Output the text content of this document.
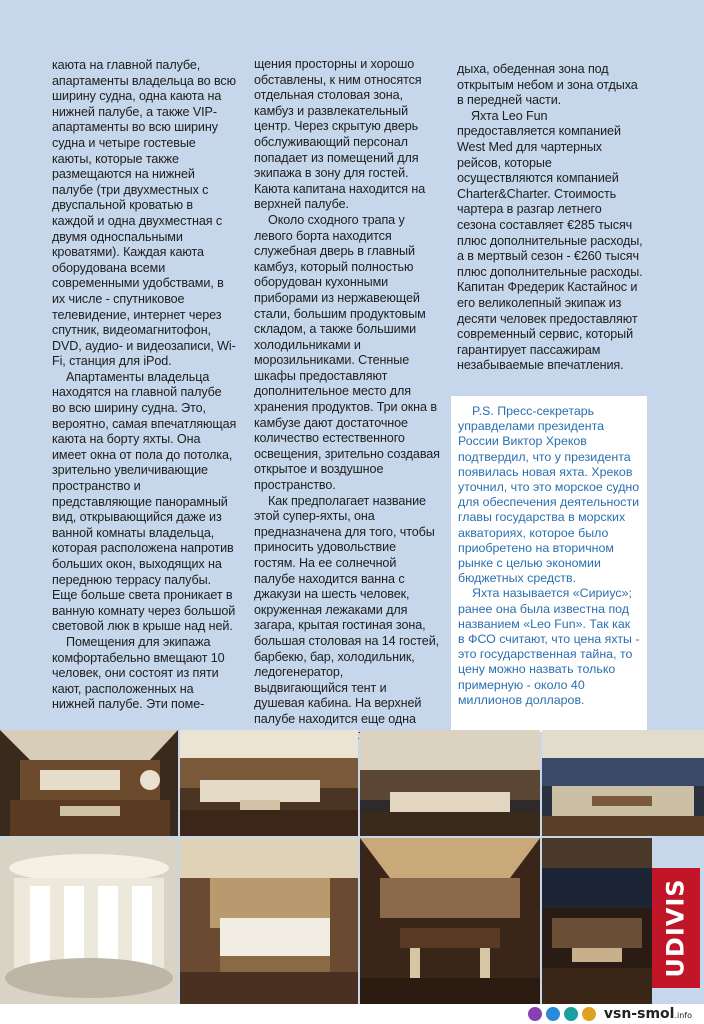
каюта на главной палубе, апартаменты владельца во всю ширину судна, одна каюта на нижней палубе, а также VIP-апартаменты во всю ширину судна и четыре гостевые каюты, которые также размещаются на нижней палубе (три двухместных с двуспальной кроватью в каждой и одна двухместная с двумя односпальными кроватями). Каждая каюта оборудована всеми современными удобствами, в их числе - спутниковое телевидение, интернет через спутник, видеомагнитофон, DVD, аудио- и видеозаписи, Wi-Fi, станция для iPod.

Апартаменты владельца находятся на главной палубе во всю ширину судна. Это, вероятно, самая впечатляющая каюта на борту яхты. Она имеет окна от пола до потолка, зрительно увеличивающие пространство и представляющие панорамный вид, открывающийся даже из ванной комнаты владельца, которая расположена напротив больших окон, выходящих на переднюю террасу палубы. Еще больше света проникает в ванную комнату через большой световой люк в крыше над ней.

Помещения для экипажа комфортабельно вмещают 10 человек, они состоят из пяти кают, расположенных на нижней палубе. Эти поме-

щения просторны и хорошо обставлены, к ним относятся отдельная столовая зона, камбуз и развлекательный центр. Через скрытую дверь обслуживающий персонал попадает из помещений для экипажа в зону для гостей. Каюта капитана находится на верхней палубе.

Около сходного трапа у левого борта находится служебная дверь в главный камбуз, который полностью оборудован кухонными приборами из нержавеющей стали, большим продуктовым складом, а также большими холодильниками и морозильниками. Стенные шкафы предоставляют дополнительное место для хранения продуктов. Три окна в камбузе дают достаточное количество естественного освещения, зрительно создавая открытое и воздушное пространство.

Как предполагает название этой супер-яхты, она предназначена для того, чтобы приносить удовольствие гостям. На ее солнечной палубе находится ванна с джакузи на шесть человек, окруженная лежаками для загара, крытая гостиная зона, большая столовая на 14 гостей, барбекю, бар, холодильник, ледогенератор, выдвигающийся тент и душевая кабина. На верхней палубе находится еще одна

дыха, обеденная зона под открытым небом и зона отдыха в передней части.

Яхта Leo Fun предоставляется компанией West Med для чартерных рейсов, которые осуществляются компанией Charter&Charter. Стоимость чартера в разгар летнего сезона составляет €285 тысяч плюс дополнительные расходы, а в мертвый сезон - €260 тысяч плюс дополнительные расходы. Капитан Фредерик Кастайнос и его великолепный экипаж из десяти человек предоставляют современный сервис, который гарантирует пассажирам незабываемые впечатления.

P.S. Пресс-секретарь управделами президента России Виктор Хреков подтвердил, что у президента появилась новая яхта. Хреков уточнил, что это морское судно для обеспечения деятельности главы государства в морских акваториях, которое было приобретено на вторичном рынке с целью экономии бюджетных средств.

Яхта называется «Сириус»; ранее она была известна под названием «Leo Fun». Так как в ФСО считают, что цена яхты - это государственная тайна, то цену можно назвать только примерную - около 40 миллионов долларов.

UDIVIS
vsn-smol.info
